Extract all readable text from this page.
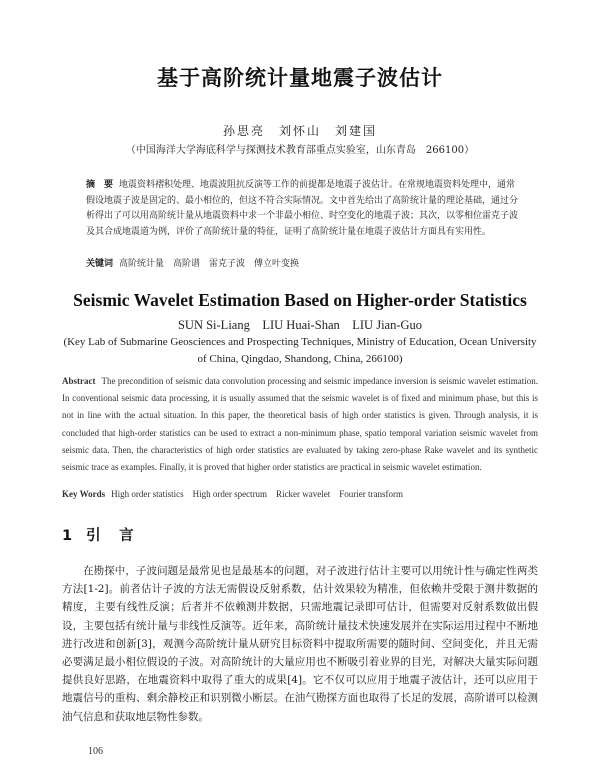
基于高阶统计量地震子波估计
孙思亮　刘怀山　刘建国
（中国海洋大学海底科学与探测技术教育部重点实验室，山东青岛　266100）
摘　要 地震资料褶积处理、地震波阻抗反演等工作的前提都是地震子波估计。在常规地震资料处理中，通常假设地震子波是固定的、最小相位的，但这不符合实际情况。文中首先给出了高阶统计量的理论基础，通过分析得出了可以用高阶统计量从地震资料中求一个非最小相位、时空变化的地震子波；其次，以零相位雷克子波及其合成地震道为例，评价了高阶统计量的特征，证明了高阶统计量在地震子波估计方面具有实用性。
关键词 高阶统计量　高阶谱　雷克子波　傅立叶变换
Seismic Wavelet Estimation Based on Higher-order Statistics
SUN Si-Liang　LIU Huai-Shan　LIU Jian-Guo
(Key Lab of Submarine Geosciences and Prospecting Techniques, Ministry of Education, Ocean University of China, Qingdao, Shandong, China, 266100)
Abstract The precondition of seismic data convolution processing and seismic impedance inversion is seismic wavelet estimation. In conventional seismic data processing, it is usually assumed that the seismic wavelet is of fixed and minimum phase, but this is not in line with the actual situation. In this paper, the theoretical basis of high order statistics is given. Through analysis, it is concluded that high-order statistics can be used to extract a non-minimum phase, spatio temporal variation seismic wavelet from seismic data. Then, the characteristics of high order statistics are evaluated by taking zero-phase Rake wavelet and its synthetic seismic trace as examples. Finally, it is proved that higher order statistics are practical in seismic wavelet estimation.
Key Words High order statistics　High order spectrum　Ricker wavelet　Fourier transform
1 引　言
在勘探中，子波问题是最常见也是最基本的问题，对子波进行估计主要可以用统计性与确定性两类方法[1-2]。前者估计子波的方法无需假设反射系数，估计效果较为精准，但依赖井受限于测井数据的精度，主要有线性反演；后者并不依赖测井数据，只需地震记录即可估计，但需要对反射系数做出假设，主要包括有统计量与非线性反演等。近年来，高阶统计量技术快速发展并在实际运用过程中不断地进行改进和创新[3]，观测今高阶统计量从研究目标资料中提取所需要的随时间、空间变化，并且无需必要满足最小相位假设的子波。对高阶统计的大量应用也不断吸引着业界的目光，对解决大量实际问题提供良好思路，在地震资料中取得了重大的成果[4]。它不仅可以应用于地震子波估计，还可以应用于地震信号的重构、剩余静校正和识别微小断层。在油气勘探方面也取得了长足的发展，高阶谱可以检测油气信息和获取地层物性参数。
106
